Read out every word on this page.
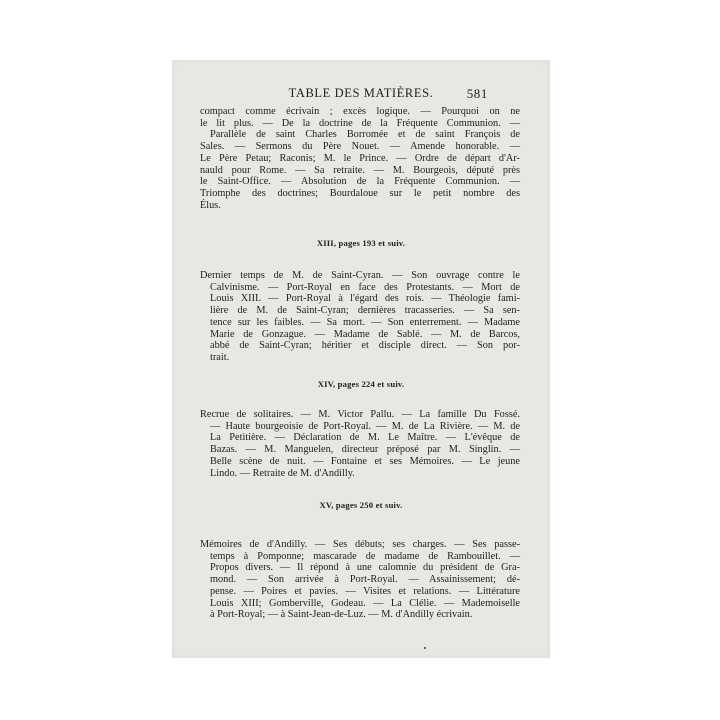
TABLE DES MATIÈRES.	581
compact comme écrivain ; excès logique. — Pourquoi on ne
le lit plus. — De la doctrine de la Fréquente Communion. —
Parallèle de saint Charles Borromée et de saint François de
Sales. — Sermons du Père Nouet. — Amende honorable. —
Le Père Petau; Raconis; M. le Prince. — Ordre de départ d'Ar-
nauld pour Rome. — Sa retraite. — M. Bourgeois, député près
le Saint-Office. — Absolution de la Fréquente Communion. —
Triomphe des doctrines; Bourdaloue sur le petit nombre des
Élus.
XIII, pages 193 et suiv.
Dernier temps de M. de Saint-Cyran. — Son ouvrage contre le
Calvinisme. — Port-Royal en face des Protestants. — Mort de
Louis XIII. — Port-Royal à l'égard des rois. — Théologie fami-
lière de M. de Saint-Cyran; dernières tracasseries. — Sa sen-
tence sur les faibles. — Sa mort. — Son enterrement. — Madame
Marie de Gonzague. — Madame de Sablé. — M. de Barcos,
abbé de Saint-Cyran; héritier et disciple direct. — Son por-
trait.
XIV, pages 224 et suiv.
Recrue de solitaires. — M. Victor Pallu. — La famille Du Fossé.
— Haute bourgeoisie de Port-Royal. — M. de La Rivière. — M. de
La Petitière. — Déclaration de M. Le Maître. — L'évêque de
Bazas. — M. Manguelen, directeur préposé par M. Singlin. —
Belle scène de nuit. — Fontaine et ses Mémoires. — Le jeune
Lindo. — Retraite de M. d'Andilly.
XV, pages 250 et suiv.
Mémoires de d'Andilly. — Ses débuts; ses charges. — Ses passe-
temps à Pomponne; mascarade de madame de Rambouillet. —
Propos divers. — Il répond à une calomnie du président de Gra-
mond. — Son arrivée à Port-Royal. — Assainissement; dé-
pense. — Poires et pavies. — Visites et relations. — Littérature
Louis XIII; Gomberville, Godeau. — La Clélie. — Mademoiselle
à Port-Royal; — à Saint-Jean-de-Luz. — M. d'Andilly écrivain.
